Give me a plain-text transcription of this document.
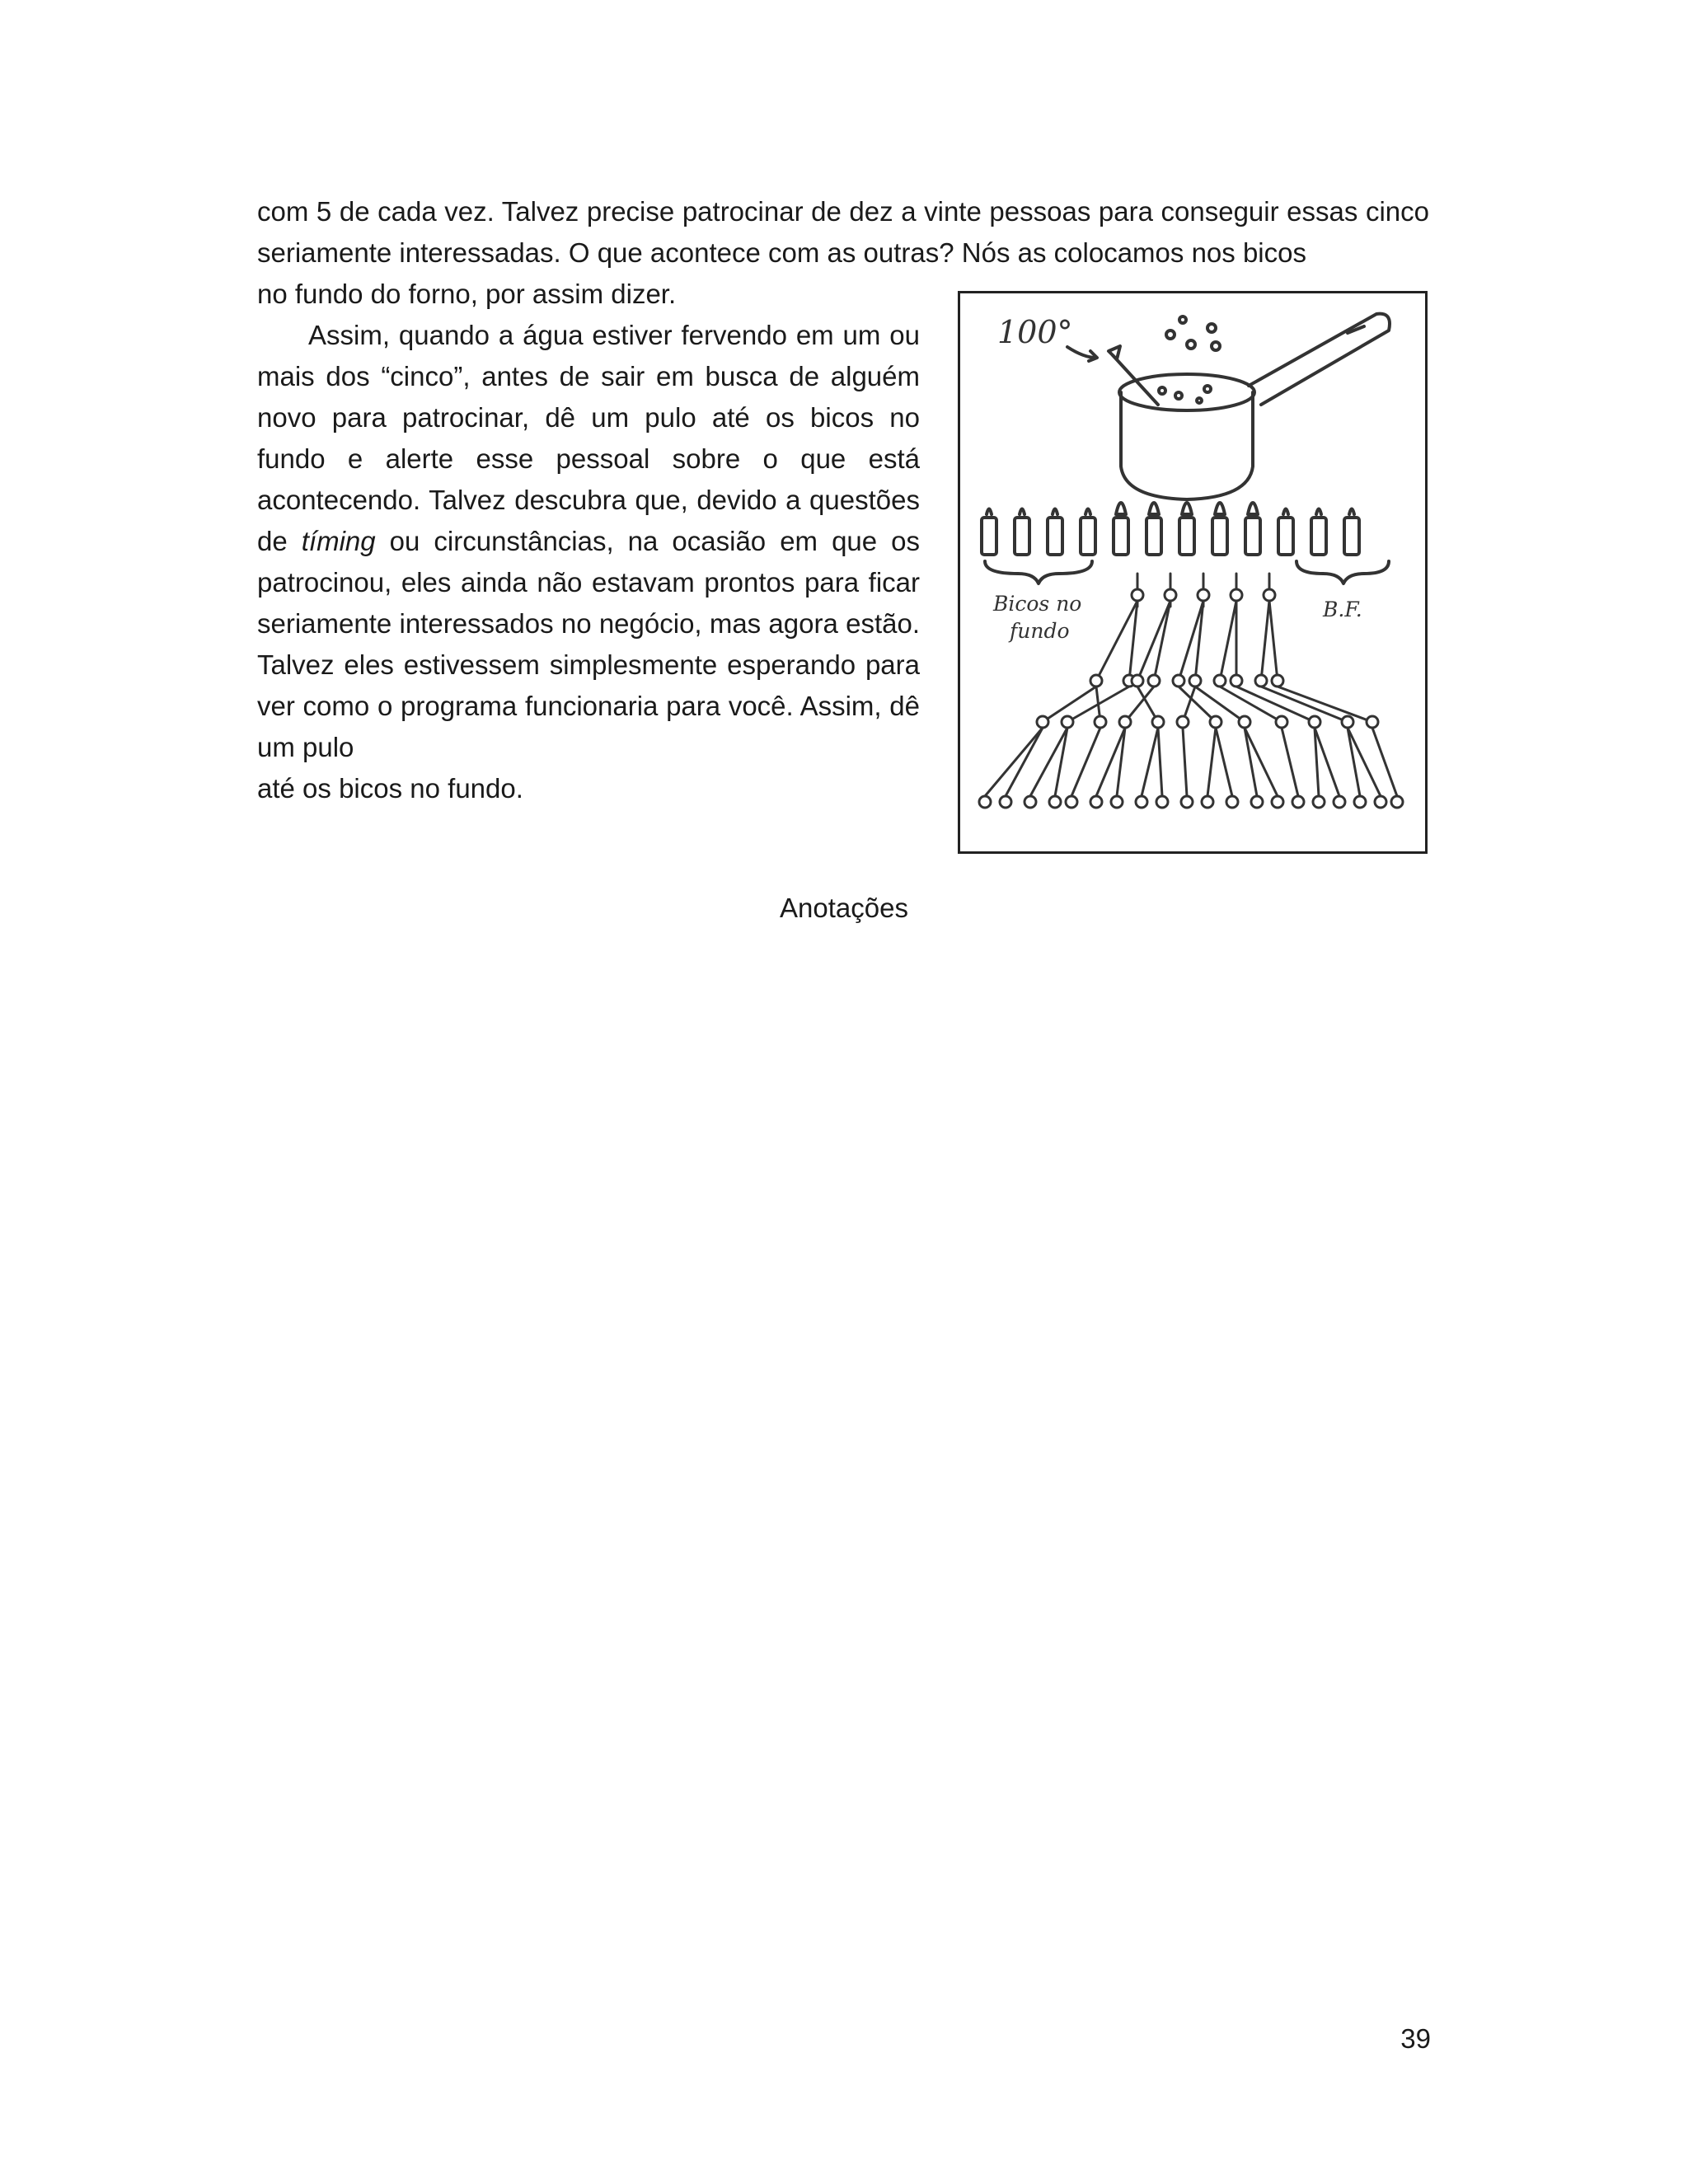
com 5 de cada vez. Talvez precise patrocinar de dez a vinte pessoas para conseguir essas cinco seriamente interessadas. O que acontece com as outras? Nós as colocamos nos bicos
no fundo do forno, por assim dizer.
Assim, quando a água estiver fervendo em um ou mais dos “cinco”, antes de sair em busca de alguém novo para patrocinar, dê um pulo até os bicos no fundo e alerte esse pessoal sobre o que está acontecendo. Talvez descubra que, devido a questões de tíming ou circunstâncias, na ocasião em que os patrocinou, eles ainda não estavam prontos para ficar seriamente interessados no negócio, mas agora estão. Talvez eles estivessem simplesmente esperando para ver como o programa funcionaria para você. Assim, dê um pulo
até os bicos no fundo.
100°
Bicos no
fundo
B.F.
Anotações
39
